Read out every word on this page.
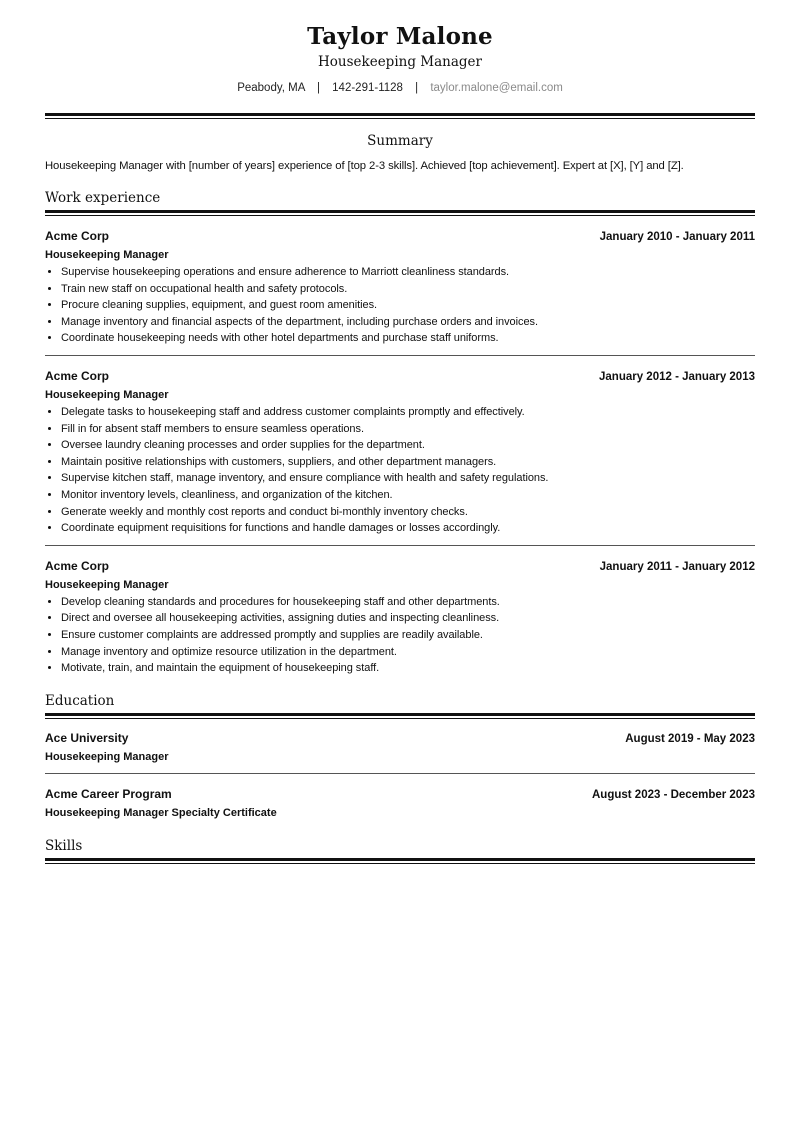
Taylor Malone
Housekeeping Manager
Peabody, MA | 142-291-1128 | taylor.malone@email.com
Summary
Housekeeping Manager with [number of years] experience of [top 2-3 skills]. Achieved [top achievement]. Expert at [X], [Y] and [Z].
Work experience
Acme Corp	January 2010 - January 2011
Housekeeping Manager
• Supervise housekeeping operations and ensure adherence to Marriott cleanliness standards.
• Train new staff on occupational health and safety protocols.
• Procure cleaning supplies, equipment, and guest room amenities.
• Manage inventory and financial aspects of the department, including purchase orders and invoices.
• Coordinate housekeeping needs with other hotel departments and purchase staff uniforms.
Acme Corp	January 2012 - January 2013
Housekeeping Manager
• Delegate tasks to housekeeping staff and address customer complaints promptly and effectively.
• Fill in for absent staff members to ensure seamless operations.
• Oversee laundry cleaning processes and order supplies for the department.
• Maintain positive relationships with customers, suppliers, and other department managers.
• Supervise kitchen staff, manage inventory, and ensure compliance with health and safety regulations.
• Monitor inventory levels, cleanliness, and organization of the kitchen.
• Generate weekly and monthly cost reports and conduct bi-monthly inventory checks.
• Coordinate equipment requisitions for functions and handle damages or losses accordingly.
Acme Corp	January 2011 - January 2012
Housekeeping Manager
• Develop cleaning standards and procedures for housekeeping staff and other departments.
• Direct and oversee all housekeeping activities, assigning duties and inspecting cleanliness.
• Ensure customer complaints are addressed promptly and supplies are readily available.
• Manage inventory and optimize resource utilization in the department.
• Motivate, train, and maintain the equipment of housekeeping staff.
Education
Ace University	August 2019 - May 2023
Housekeeping Manager
Acme Career Program	August 2023 - December 2023
Housekeeping Manager Specialty Certificate
Skills
